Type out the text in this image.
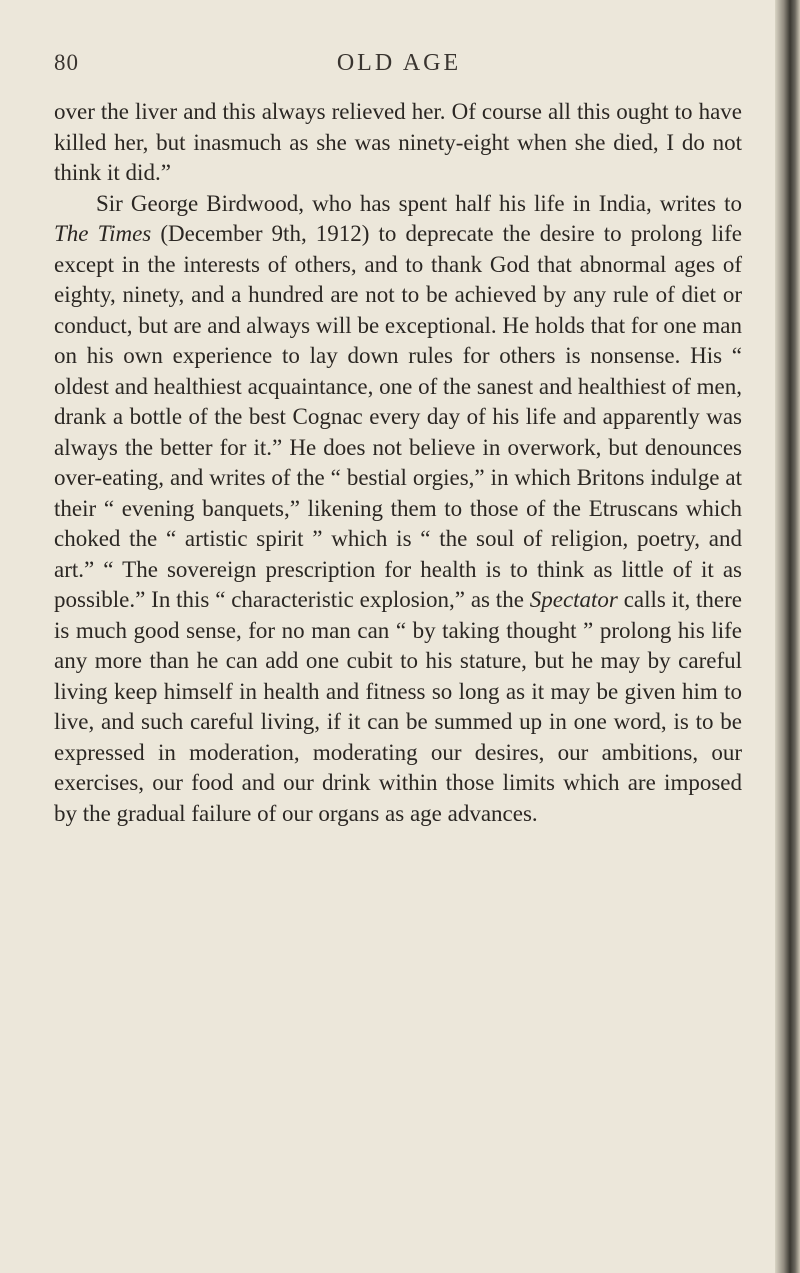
80	OLD AGE

over the liver and this always relieved her. Of course all this ought to have killed her, but inasmuch as she was ninety-eight when she died, I do not think it did.”

Sir George Birdwood, who has spent half his life in India, writes to The Times (December 9th, 1912) to deprecate the desire to prolong life except in the interests of others, and to thank God that abnormal ages of eighty, ninety, and a hundred are not to be achieved by any rule of diet or conduct, but are and always will be exceptional. He holds that for one man on his own experience to lay down rules for others is nonsense. His “ oldest and healthiest acquaintance, one of the sanest and healthiest of men, drank a bottle of the best Cognac every day of his life and apparently was always the better for it.” He does not believe in overwork, but denounces over-eating, and writes of the “ bestial orgies,” in which Britons indulge at their “ evening banquets,” likening them to those of the Etruscans which choked the “ artistic spirit ” which is “ the soul of religion, poetry, and art.” “ The sovereign prescription for health is to think as little of it as possible.” In this “ characteristic explosion,” as the Spectator calls it, there is much good sense, for no man can “ by taking thought ” prolong his life any more than he can add one cubit to his stature, but he may by careful living keep himself in health and fitness so long as it may be given him to live, and such careful living, if it can be summed up in one word, is to be expressed in moderation, moderating our desires, our ambitions, our exercises, our food and our drink within those limits which are imposed by the gradual failure of our organs as age advances.
